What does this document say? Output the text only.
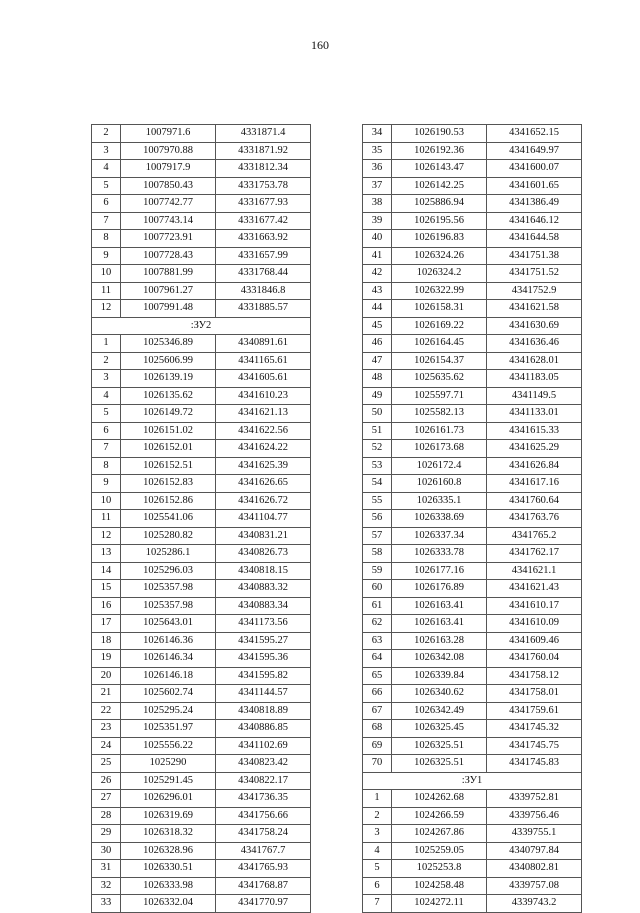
160
2	1007971.6	4331871.4
3	1007970.88	4331871.92
4	1007917.9	4331812.34
5	1007850.43	4331753.78
6	1007742.77	4331677.93
7	1007743.14	4331677.42
8	1007723.91	4331663.92
9	1007728.43	4331657.99
10	1007881.99	4331768.44
11	1007961.27	4331846.8
12	1007991.48	4331885.57
:ЗУ2		
1	1025346.89	4340891.61
2	1025606.99	4341165.61
3	1026139.19	4341605.61
4	1026135.62	4341610.23
5	1026149.72	4341621.13
6	1026151.02	4341622.56
7	1026152.01	4341624.22
8	1026152.51	4341625.39
9	1026152.83	4341626.65
10	1026152.86	4341626.72
11	1025541.06	4341104.77
12	1025280.82	4340831.21
13	1025286.1	4340826.73
14	1025296.03	4340818.15
15	1025357.98	4340883.32
16	1025357.98	4340883.34
17	1025643.01	4341173.56
18	1026146.36	4341595.27
19	1026146.34	4341595.36
20	1026146.18	4341595.82
21	1025602.74	4341144.57
22	1025295.24	4340818.89
23	1025351.97	4340886.85
24	1025556.22	4341102.69
25	1025290	4340823.42
26	1025291.45	4340822.17
27	1026296.01	4341736.35
28	1026319.69	4341756.66
29	1026318.32	4341758.24
30	1026328.96	4341767.7
31	1026330.51	4341765.93
32	1026333.98	4341768.87
33	1026332.04	4341770.97
34	1026190.53	4341652.15
35	1026192.36	4341649.97
36	1026143.47	4341600.07
37	1026142.25	4341601.65
38	1025886.94	4341386.49
39	1026195.56	4341646.12
40	1026196.83	4341644.58
41	1026324.26	4341751.38
42	1026324.2	4341751.52
43	1026322.99	4341752.9
44	1026158.31	4341621.58
45	1026169.22	4341630.69
46	1026164.45	4341636.46
47	1026154.37	4341628.01
48	1025635.62	4341183.05
49	1025597.71	4341149.5
50	1025582.13	4341133.01
51	1026161.73	4341615.33
52	1026173.68	4341625.29
53	1026172.4	4341626.84
54	1026160.8	4341617.16
55	1026335.1	4341760.64
56	1026338.69	4341763.76
57	1026337.34	4341765.2
58	1026333.78	4341762.17
59	1026177.16	4341621.1
60	1026176.89	4341621.43
61	1026163.41	4341610.17
62	1026163.41	4341610.09
63	1026163.28	4341609.46
64	1026342.08	4341760.04
65	1026339.84	4341758.12
66	1026340.62	4341758.01
67	1026342.49	4341759.61
68	1026325.45	4341745.32
69	1026325.51	4341745.75
70	1026325.51	4341745.83
:ЗУ1		
1	1024262.68	4339752.81
2	1024266.59	4339756.46
3	1024267.86	4339755.1
4	1025259.05	4340797.84
5	1025253.8	4340802.81
6	1024258.48	4339757.08
7	1024272.11	4339743.2
